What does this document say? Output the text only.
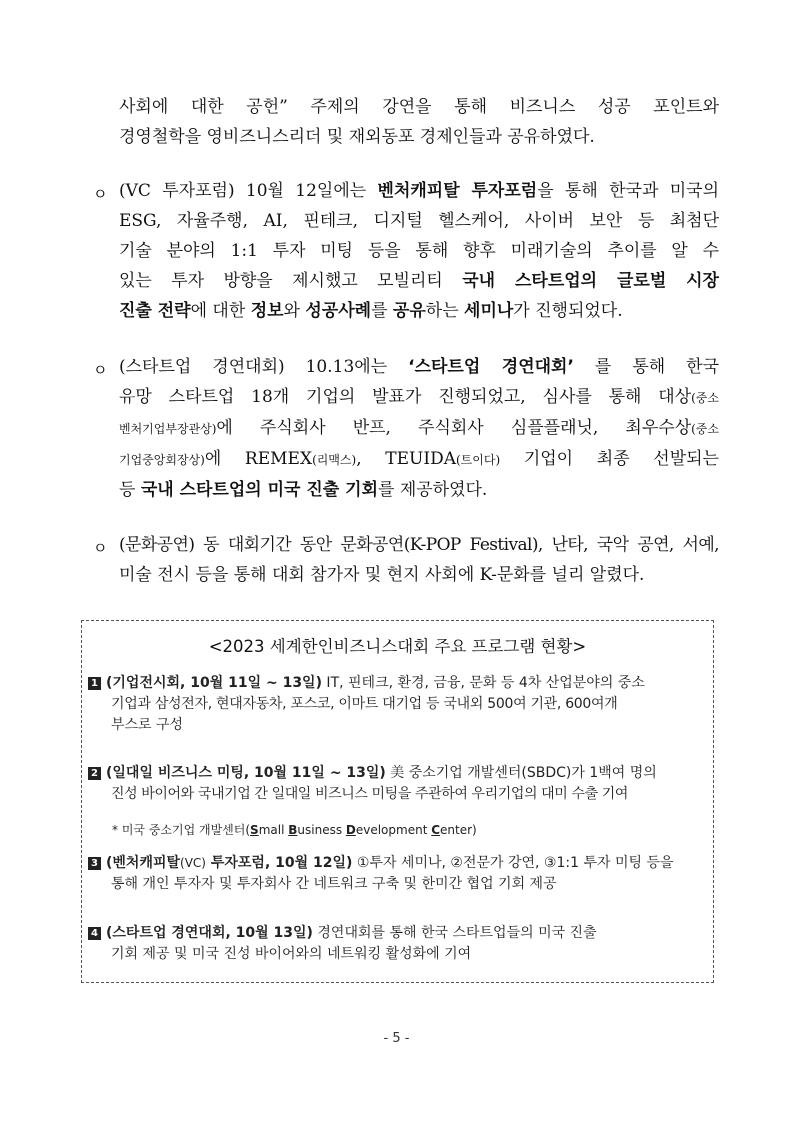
사회에 대한 공헌” 주제의 강연을 통해 비즈니스 성공 포인트와
경영철학을 영비즈니스리더 및 재외동포 경제인들과 공유하였다.
ㅇ (VC 투자포럼) 10월 12일에는 벤처캐피탈 투자포럼을 통해 한국과 미국의
ESG, 자율주행, AI, 핀테크, 디지털 헬스케어, 사이버 보안 등 최첨단
기술 분야의 1:1 투자 미팅 등을 통해 향후 미래기술의 추이를 알 수
있는 투자 방향을 제시했고 모빌리티 국내 스타트업의 글로벌 시장
진출 전략에 대한 정보와 성공사례를 공유하는 세미나가 진행되었다.
ㅇ (스타트업 경연대회) 10.13에는 ‘스타트업 경연대회’ 를 통해 한국
유망 스타트업 18개 기업의 발표가 진행되었고, 심사를 통해 대상(중소
벤처기업부장관상)에 주식회사 반프, 주식회사 심플플래닛, 최우수상(중소
기업중앙회장상)에 REMEX(리맥스), TEUIDA(트이다) 기업이 최종 선발되는
등 국내 스타트업의 미국 진출 기회를 제공하였다.
ㅇ (문화공연) 동 대회기간 동안 문화공연(K-POP Festival), 난타, 국악 공연, 서예,
미술 전시 등을 통해 대회 참가자 및 현지 사회에 K-문화를 널리 알렸다.
<2023 세계한인비즈니스대회 주요 프로그램 현황>
1 (기업전시회, 10월 11일 ~ 13일) IT, 핀테크, 환경, 금융, 문화 등 4차 산업분야의 중소
기업과 삼성전자, 현대자동차, 포스코, 이마트 대기업 등 국내외 500여 기관, 600여개
부스로 구성
2 (일대일 비즈니스 미팅, 10월 11일 ~ 13일) 美 중소기업 개발센터(SBDC)가 1백여 명의
진성 바이어와 국내기업 간 일대일 비즈니스 미팅을 주관하여 우리기업의 대미 수출 기여
* 미국 중소기업 개발센터(Small Business Development Center)
3 (벤처캐피탈(VC) 투자포럼, 10월 12일) ①투자 세미나, ②전문가 강연, ③1:1 투자 미팅 등을
통해 개인 투자자 및 투자회사 간 네트워크 구축 및 한미간 협업 기회 제공
4 (스타트업 경연대회, 10월 13일) 경연대회를 통해 한국 스타트업들의 미국 진출
기회 제공 및 미국 진성 바이어와의 네트워킹 활성화에 기여
- 5 -
